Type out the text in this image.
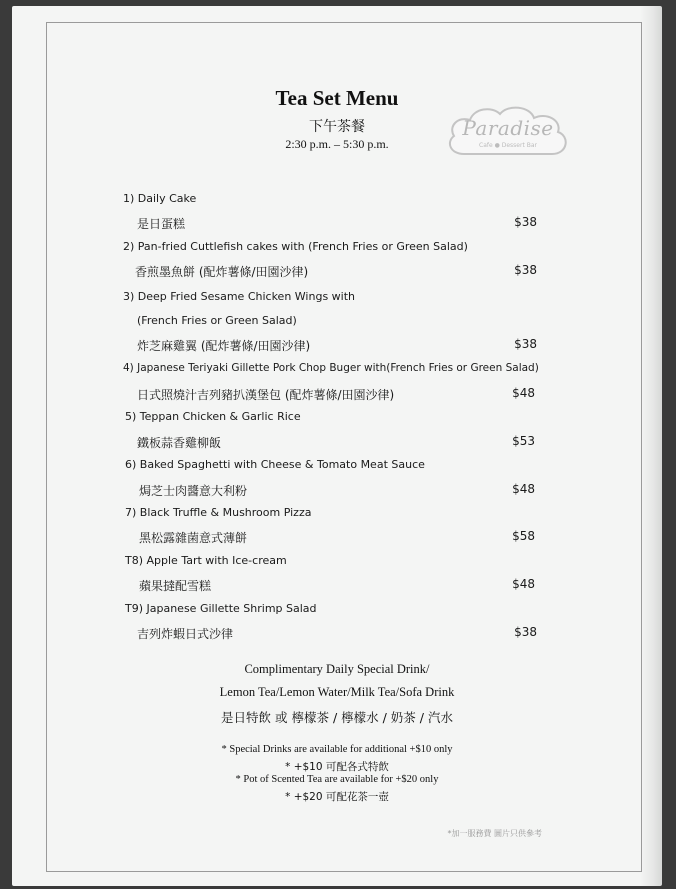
Tea Set Menu
下午茶餐
2:30 p.m. – 5:30 p.m.
Paradise
Cafe ● Dessert Bar
1) Daily Cake
是日蛋糕	$38
2) Pan-fried Cuttlefish cakes with (French Fries or Green Salad)
香煎墨魚餅 (配炸薯條/田園沙律)	$38
3) Deep Fried Sesame Chicken Wings with
(French Fries or Green Salad)
炸芝麻雞翼 (配炸薯條/田園沙律)	$38
4) Japanese Teriyaki Gillette Pork Chop Buger with(French Fries or Green Salad)
日式照燒汁吉列豬扒漢堡包 (配炸薯條/田園沙律)	$48
5) Teppan Chicken & Garlic Rice
鐵板蒜香雞柳飯	$53
6) Baked Spaghetti with Cheese & Tomato Meat Sauce
焗芝士肉醬意大利粉	$48
7) Black Truffle & Mushroom Pizza
黑松露雜菌意式薄餅	$58
T8) Apple Tart with Ice-cream
蘋果撻配雪糕	$48
T9) Japanese Gillette Shrimp Salad
吉列炸蝦日式沙律	$38
Complimentary Daily Special Drink/
Lemon Tea/Lemon Water/Milk Tea/Sofa Drink
是日特飲 或 檸檬茶 / 檸檬水 / 奶茶 / 汽水
* Special Drinks are available for additional +$10 only
* +$10 可配各式特飲
* Pot of Scented Tea are available for +$20 only
* +$20 可配花茶一壺
*加一服務費 圖片只供參考
